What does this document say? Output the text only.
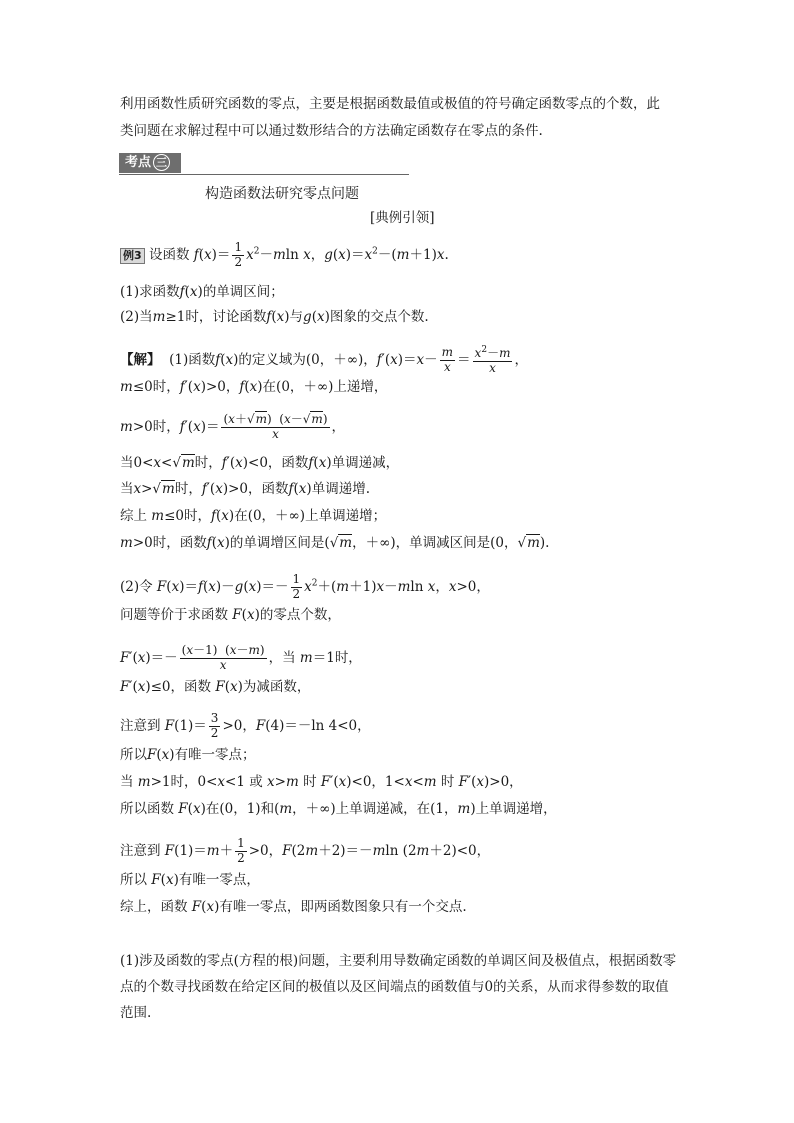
利用函数性质研究函数的零点，主要是根据函数最值或极值的符号确定函数零点的个数，此
类问题在求解过程中可以通过数形结合的方法确定函数存在零点的条件.
考点 三
构造函数法研究零点问题
[典例引领]
例3 设函数 $f(x)= \frac{1}{2} x^2-mln$ x，$g(x)=x^2-(m+1)x$.
(1)求函数f(x)的单调区间；
(2)当m≥1时，讨论函数f(x)与g(x)图象的交点个数.
【解】 (1)函数f(x)的定义域为(0，＋∞)，$f'(x)=x- \frac{m}{x} = \frac{x^2-m}{x}$ ，
m≤0时，f′(x)>0，f(x)在(0，＋∞)上递增，
m>0时，$f'(x)= \frac{(x+√m) (x-√m)}{x}$ ，
当0<x<√m时，f′(x)<0，函数f(x)单调递减，
当x>√m时，f′(x)>0，函数f(x)单调递增.
综上 m≤0时，f(x)在(0，＋∞)上单调递增；
m>0时，函数f(x)的单调增区间是(√m，＋∞)，单调减区间是(0，√m).
(2)令 $F(x)=f(x)-g(x)=- \frac{1}{2} x^2+(m+1)x-mln$ x，x>0，
问题等价于求函数 F(x)的零点个数，
$F'(x)=- \frac{(x-1) (x-m)}{x}$ ，当 m＝1时，
F′(x)≤0，函数 F(x)为减函数，
注意到 $F(1)= \frac{3}{2} >0$，F(4)＝－ln 4<0，
所以F(x)有唯一零点；
当 m>1时，0<x<1 或 x>m 时 F′(x)<0，1<x<m 时 F′(x)>0，
所以函数 F(x)在(0，1)和(m，＋∞)上单调递减，在(1，m)上单调递增，
注意到 $F(1)=m+ \frac{1}{2} >0$，F(2m＋2)＝－mln (2m＋2)<0，
所以 F(x)有唯一零点，
综上，函数 F(x)有唯一零点，即两函数图象只有一个交点.
(1)涉及函数的零点(方程的根)问题，主要利用导数确定函数的单调区间及极值点，根据函数零点的个数寻找函数在给定区间的极值以及区间端点的函数值与0的关系，从而求得参数的取值范围.
